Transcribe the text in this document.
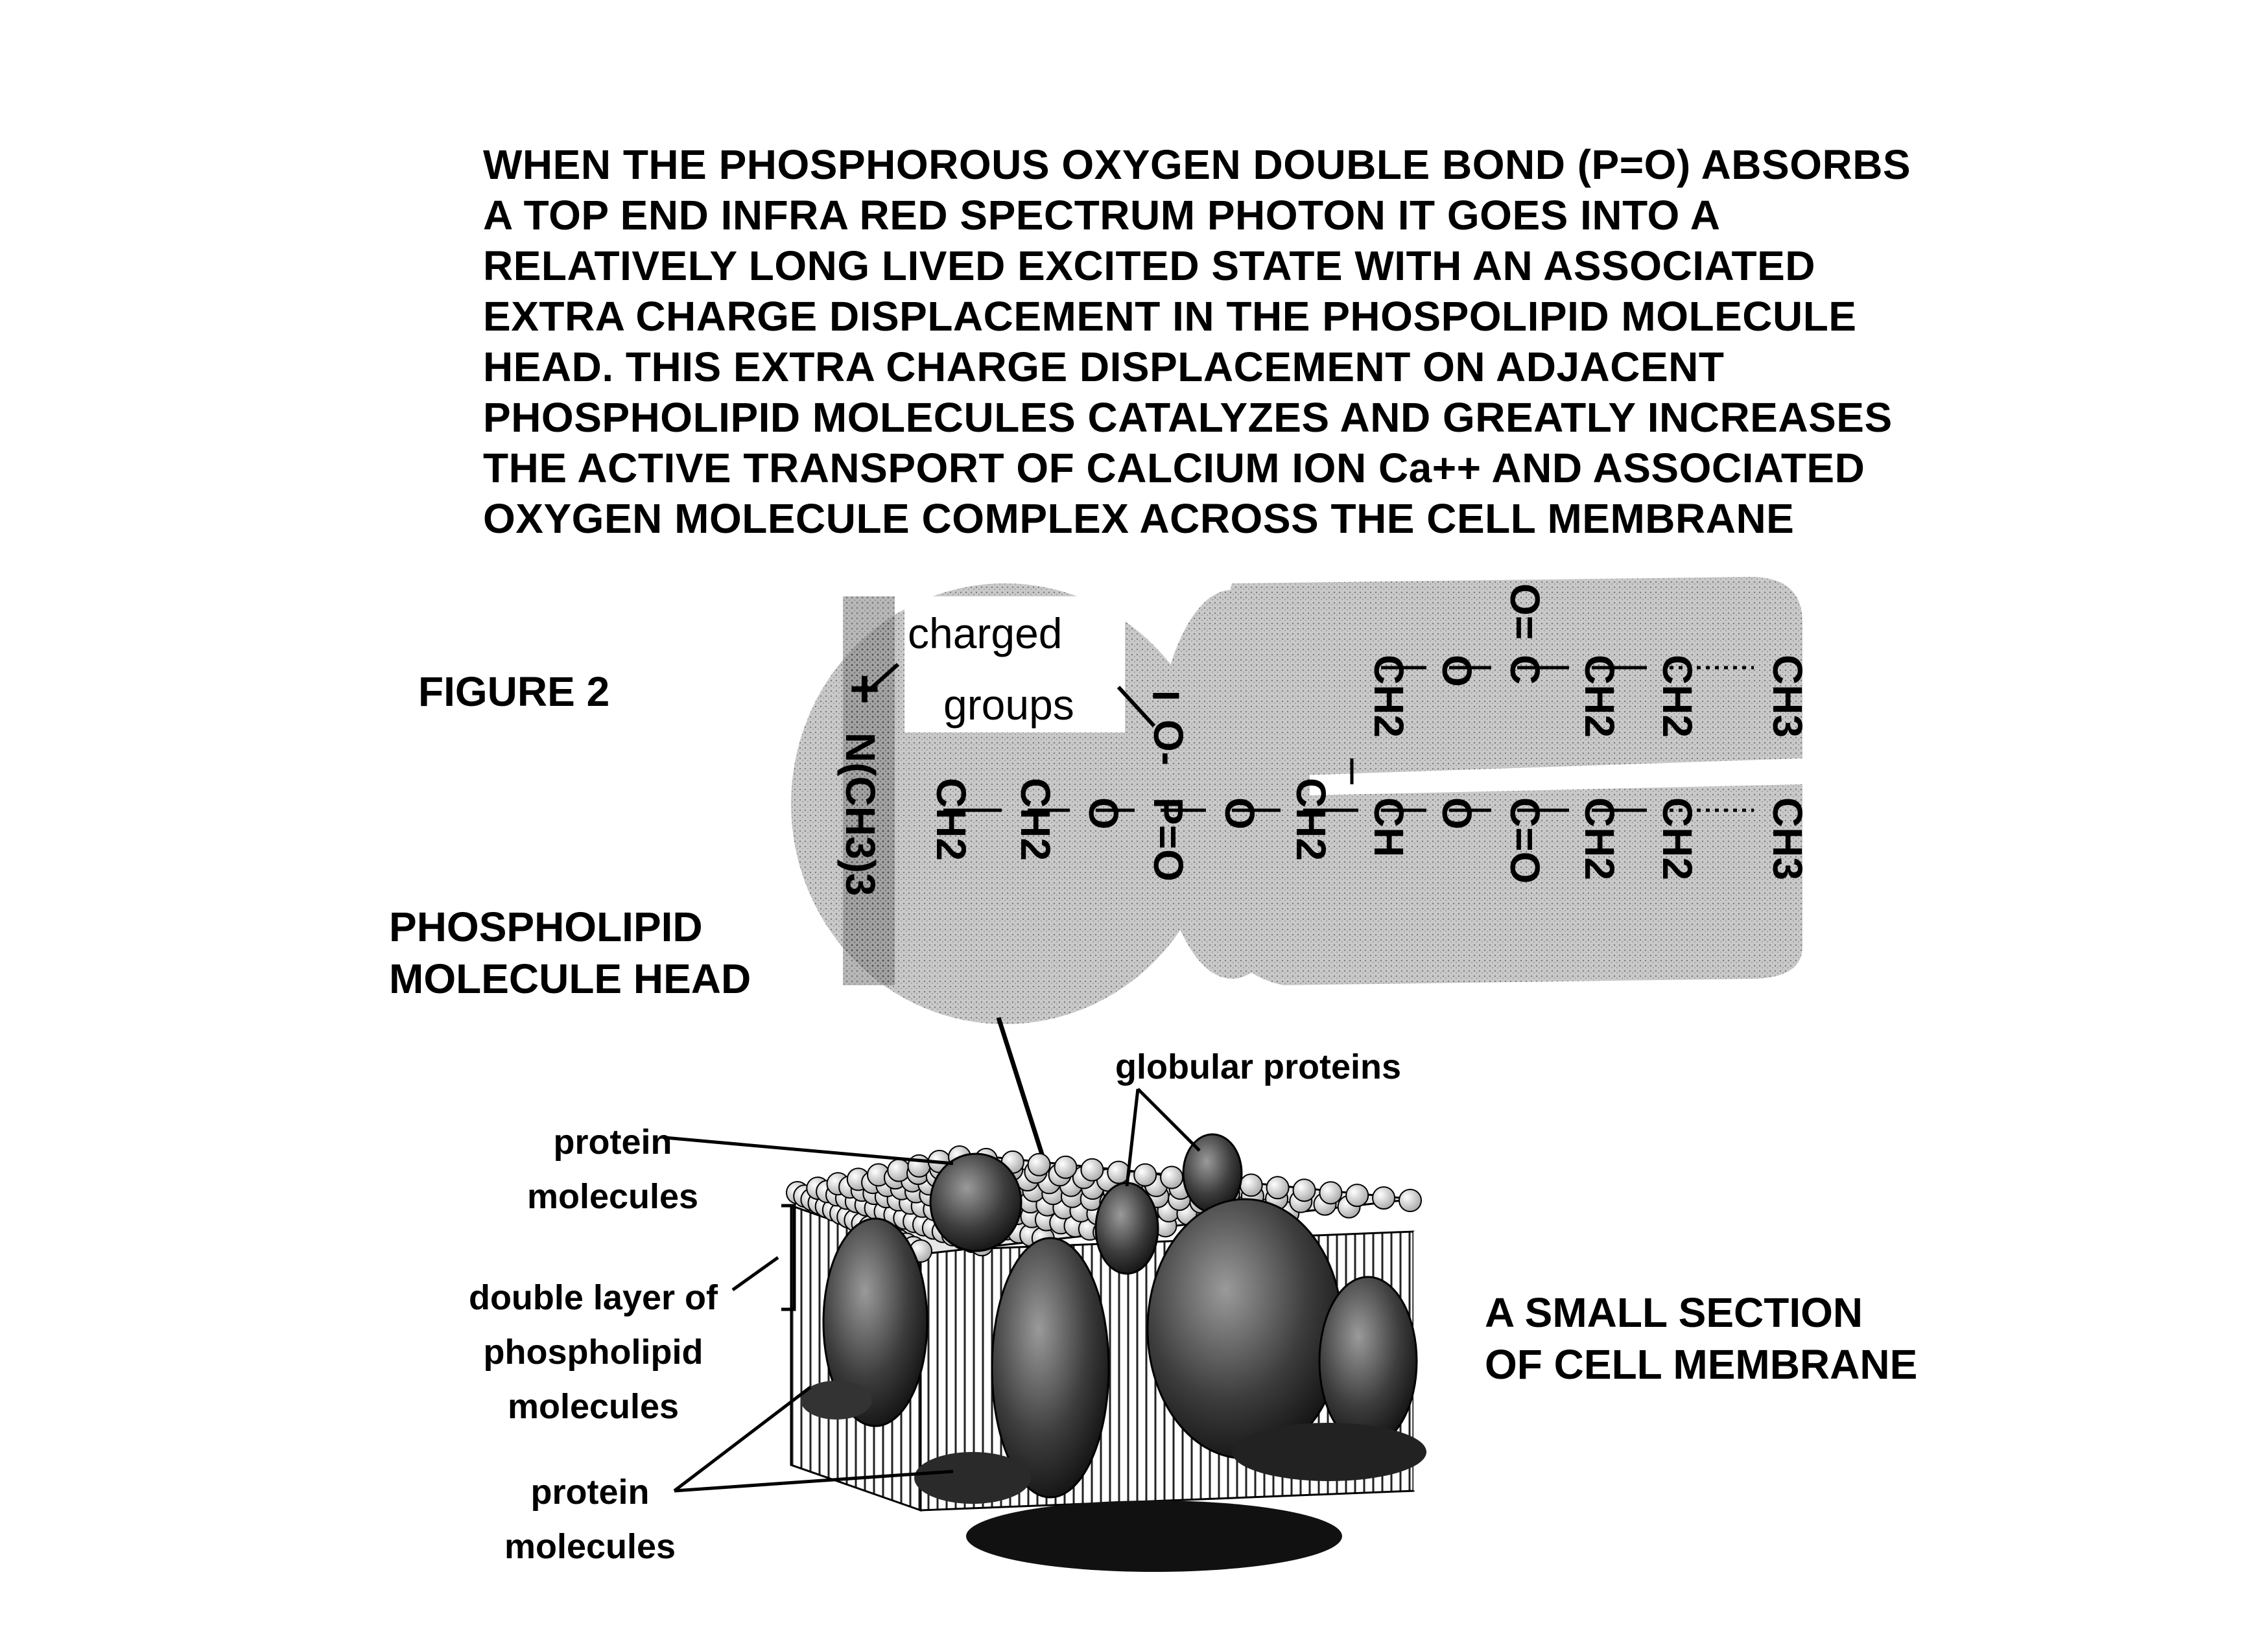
WHEN THE PHOSPHOROUS OXYGEN DOUBLE BOND (P=O) ABSORBS
A TOP END INFRA RED SPECTRUM PHOTON IT GOES INTO A
RELATIVELY LONG LIVED EXCITED STATE WITH AN ASSOCIATED
EXTRA CHARGE DISPLACEMENT IN THE PHOSPOLIPID MOLECULE
HEAD. THIS EXTRA CHARGE DISPLACEMENT ON ADJACENT
PHOSPHOLIPID MOLECULES CATALYZES AND GREATLY INCREASES
THE ACTIVE TRANSPORT OF CALCIUM ION Ca++ AND ASSOCIATED
OXYGEN MOLECULE COMPLEX ACROSS THE CELL MEMBRANE
FIGURE 2
PHOSPHOLIPID
MOLECULE HEAD
A SMALL SECTION
OF CELL MEMBRANE
globular proteins
protein
molecules
double layer of
phospholipid
molecules
protein
molecules
charged
groups
+	−
N(CH3)3 CH2 CH2 O P=O
O-
O CH2 CH O C=O CH2 CH2 CH3
CH2 O C
O=
CH2 CH2 CH3
